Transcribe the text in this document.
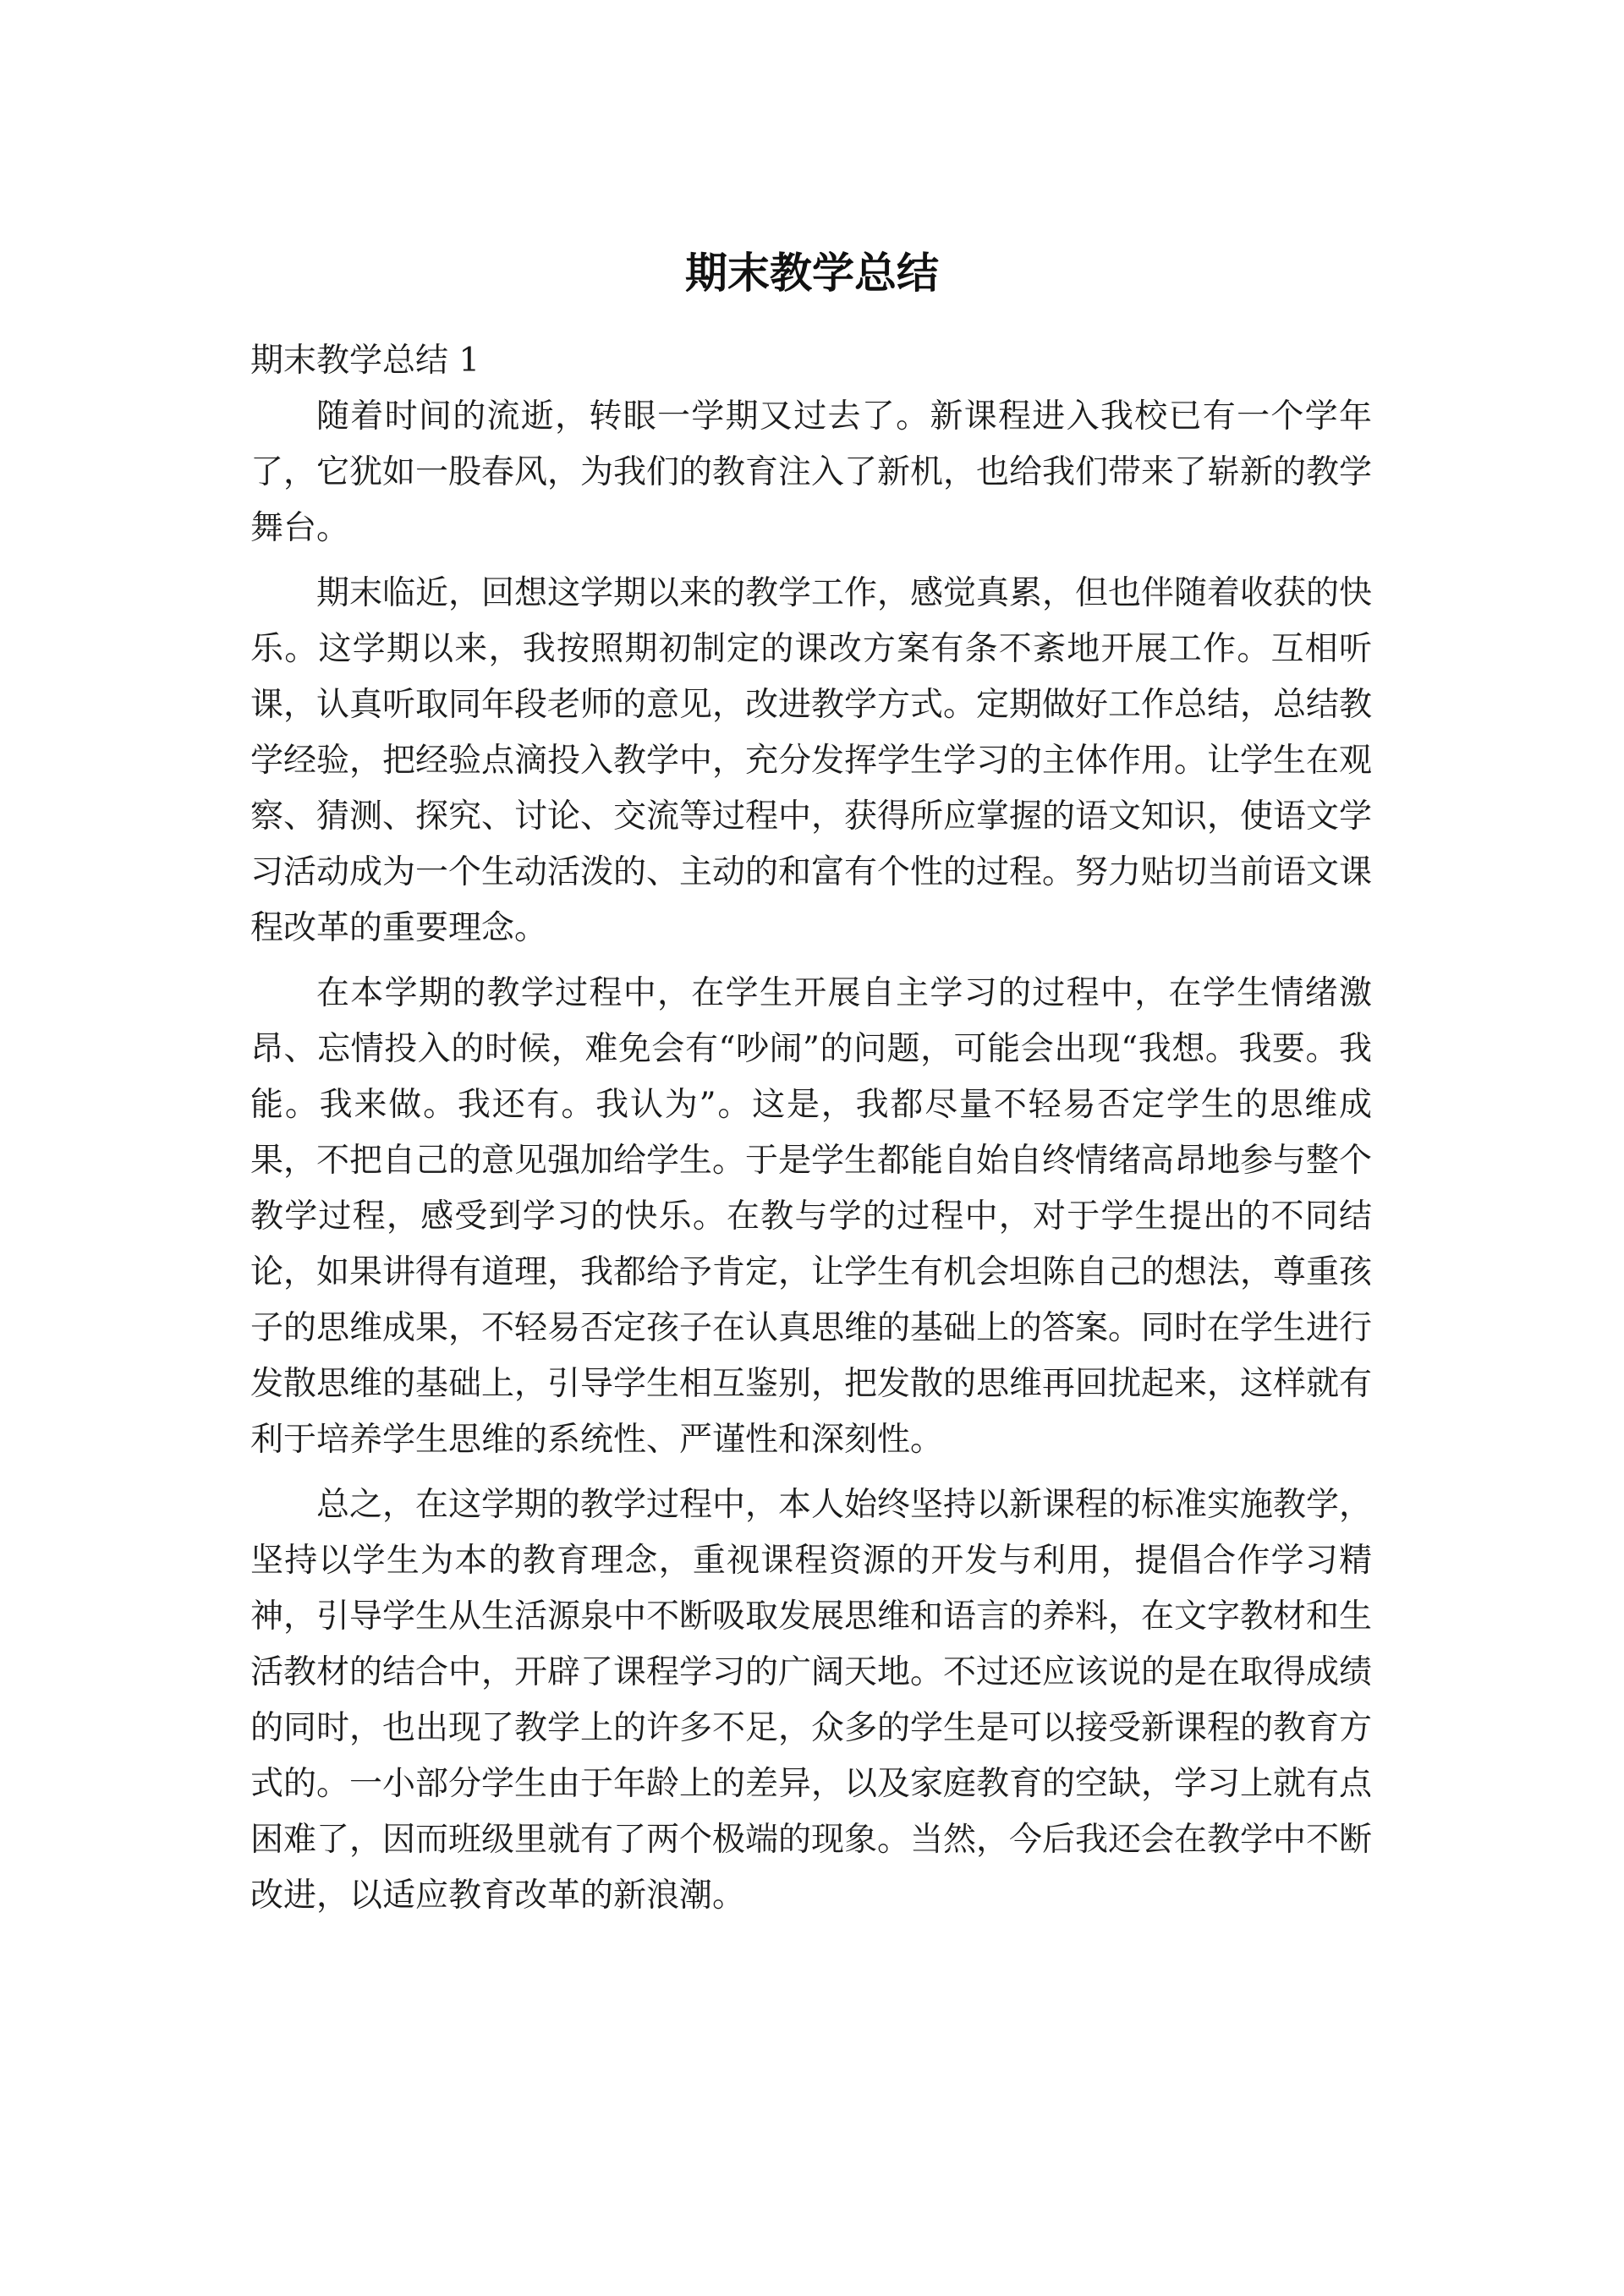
期末教学总结

期末教学总结 1

随着时间的流逝，转眼一学期又过去了。新课程进入我校已有一个学年了，它犹如一股春风，为我们的教育注入了新机，也给我们带来了崭新的教学舞台。

期末临近，回想这学期以来的教学工作，感觉真累，但也伴随着收获的快乐。这学期以来，我按照期初制定的课改方案有条不紊地开展工作。互相听课，认真听取同年段老师的意见，改进教学方式。定期做好工作总结，总结教学经验，把经验点滴投入教学中，充分发挥学生学习的主体作用。让学生在观察、猜测、探究、讨论、交流等过程中，获得所应掌握的语文知识，使语文学习活动成为一个生动活泼的、主动的和富有个性的过程。努力贴切当前语文课程改革的重要理念。

在本学期的教学过程中，在学生开展自主学习的过程中，在学生情绪激昂、忘情投入的时候，难免会有“吵闹”的问题，可能会出现“我想。我要。我能。我来做。我还有。我认为”。这是，我都尽量不轻易否定学生的思维成果，不把自己的意见强加给学生。于是学生都能自始自终情绪高昂地参与整个教学过程，感受到学习的快乐。在教与学的过程中，对于学生提出的不同结论，如果讲得有道理，我都给予肯定，让学生有机会坦陈自己的想法，尊重孩子的思维成果，不轻易否定孩子在认真思维的基础上的答案。同时在学生进行发散思维的基础上，引导学生相互鉴别，把发散的思维再回扰起来，这样就有利于培养学生思维的系统性、严谨性和深刻性。

总之，在这学期的教学过程中，本人始终坚持以新课程的标准实施教学，坚持以学生为本的教育理念，重视课程资源的开发与利用，提倡合作学习精神，引导学生从生活源泉中不断吸取发展思维和语言的养料，在文字教材和生活教材的结合中，开辟了课程学习的广阔天地。不过还应该说的是在取得成绩的同时，也出现了教学上的许多不足，众多的学生是可以接受新课程的教育方式的。一小部分学生由于年龄上的差异，以及家庭教育的空缺，学习上就有点困难了，因而班级里就有了两个极端的现象。当然，今后我还会在教学中不断改进，以适应教育改革的新浪潮。
